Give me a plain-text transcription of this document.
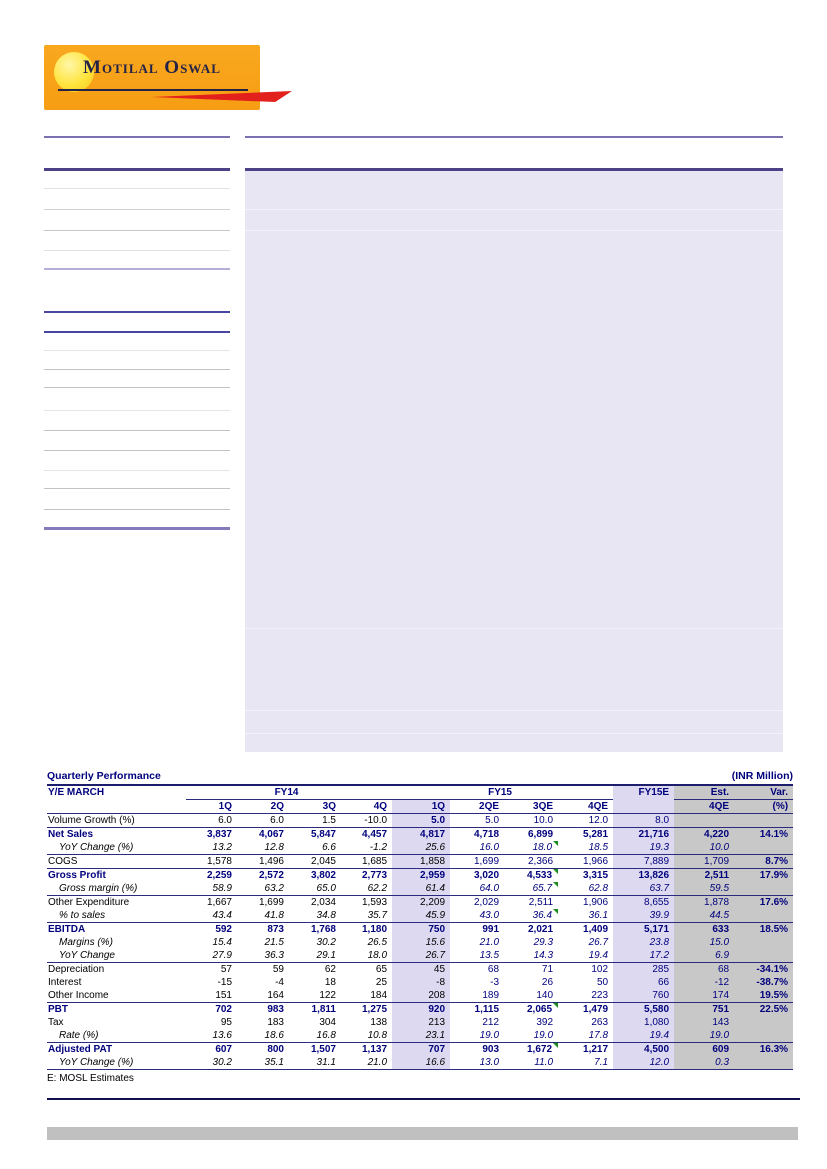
Motilal Oswal
Quarterly Performance	(INR Million)
Y/E MARCH	FY14				FY15				FY15E	Est.	Var.
	1Q	2Q	3Q	4Q	1Q	2QE	3QE	4QE		4QE	(%)
Volume Growth (%)	6.0	6.0	1.5	-10.0	5.0	5.0	10.0	12.0	8.0		
Net Sales	3,837	4,067	5,847	4,457	4,817	4,718	6,899	5,281	21,716	4,220	14.1%
YoY Change (%)	13.2	12.8	6.6	-1.2	25.6	16.0	18.0	18.5	19.3	10.0	
COGS	1,578	1,496	2,045	1,685	1,858	1,699	2,366	1,966	7,889	1,709	8.7%
Gross Profit	2,259	2,572	3,802	2,773	2,959	3,020	4,533	3,315	13,826	2,511	17.9%
Gross margin (%)	58.9	63.2	65.0	62.2	61.4	64.0	65.7	62.8	63.7	59.5	
Other Expenditure	1,667	1,699	2,034	1,593	2,209	2,029	2,511	1,906	8,655	1,878	17.6%
% to sales	43.4	41.8	34.8	35.7	45.9	43.0	36.4	36.1	39.9	44.5	
EBITDA	592	873	1,768	1,180	750	991	2,021	1,409	5,171	633	18.5%
Margins (%)	15.4	21.5	30.2	26.5	15.6	21.0	29.3	26.7	23.8	15.0	
YoY Change	27.9	36.3	29.1	18.0	26.7	13.5	14.3	19.4	17.2	6.9	
Depreciation	57	59	62	65	45	68	71	102	285	68	-34.1%
Interest	-15	-4	18	25	-8	-3	26	50	66	-12	-38.7%
Other Income	151	164	122	184	208	189	140	223	760	174	19.5%
PBT	702	983	1,811	1,275	920	1,115	2,065	1,479	5,580	751	22.5%
Tax	95	183	304	138	213	212	392	263	1,080	143	
Rate (%)	13.6	18.6	16.8	10.8	23.1	19.0	19.0	17.8	19.4	19.0	
Adjusted PAT	607	800	1,507	1,137	707	903	1,672	1,217	4,500	609	16.3%
YoY Change (%)	30.2	35.1	31.1	21.0	16.6	13.0	11.0	7.1	12.0	0.3	
E: MOSL Estimates
